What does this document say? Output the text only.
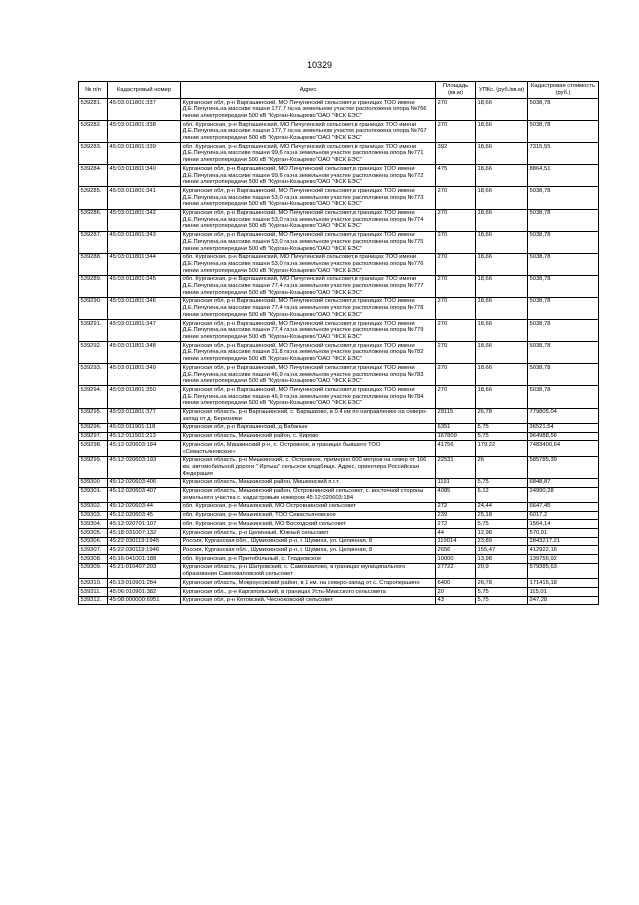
10329
№ п/п	Кадастровый номер	Адрес	Площадь (кв.м)	УПКс. (руб./кв.м)	Кадастровая стоимость (руб.)
539281.	45:03:011801:337	Курганская обл, р-н Варгашинский, МО Пичугинский сельсовет,в границах ТОО имени Д.Е.Пичугина,на массиве пашни 177,7 га;на земельном участке расположена опора №766 линии электропередачи 500 кВ "Курган-Козырево"ОАО "ФСК ЕЭС"	270	18,66	5038,78
539282.	45:03:011801:338	обл. Курганская, р-н Варгашинский, МО Пичугинский сельсовет,в границах ТОО имени Д.Е.Пичугина,на массиве пашни 177,7 га;на земельном участке расположена опора №767 линии электропередачи 500 кВ "Курган-Козырево"ОАО "ФСК ЕЭС"	270	18,66	5038,78
539283.	45:03:011801:339	обл. Курганская, р-н Варгашинский, МО Пичугинский сельсовет,в границах ТОО имени Д.Е.Пичугина,на массиве пашни 99,6 га;на земельном участке расположена опора №771 линии электропередачи 500 кВ "Курган-Козырево"ОАО "ФСК ЕЭС"	392	18,66	7315,55
539284.	45:03:011801:340	Курганская обл, р-н Варгашинский, МО Пичугинский сельсовет,в границах ТОО имени Д.Е.Пичугина,на массиве пашни 99,6 га;на земельном участке расположена опора №772 линии электропередачи 500 кВ "Курган-Козырево"ОАО "ФСК ЕЭС"	475	18,66	8864,51
539285.	45:03:011801:341	Курганская обл, р-н Варгашинский, МО Пичугинский сельсовет,в границах ТОО имени Д.Е.Пичугина,на массиве пашни 53,0 га;на земельном участке расположена опора №773 линии электропередачи 500 кВ "Курган-Козырево"ОАО "ФСК ЕЭС"	270	18,66	5038,78
539286.	45:03:011801:342	Курганская обл, р-н Варгашинский, МО Пичугинский сельсовет,в границах ТОО имени Д.Е.Пичугина,на массиве пашни 53,0 га;на земельном участке расположена опора №774 линии электропередачи 500 кВ "Курган-Козырево"ОАО "ФСК ЕЭС"	270	18,66	5038,78
539287.	45:03:011801:343	Курганская обл, р-н Варгашинский, МО Пичугинский сельсовет,в границах ТОО имени Д.Е.Пичугина,на массиве пашни 53,0 га;на земельном участке расположена опора №775 линии электропередачи 500 кВ "Курган-Козырево"ОАО "ФСК ЕЭС"	270	18,66	5038,78
539288.	45:03:011801:344	обл. Курганская, р-н Варгашинский, МО Пичугинский сельсовет,в границах ТОО имени Д.Е.Пичугина,на массиве пашни 53,0 га;на земельном участке расположена опора №776 линии электропередачи 500 кВ "Курган-Козырево"ОАО "ФСК ЕЭС"	270	18,66	5038,78
539289.	45:03:011801:345	обл. Курганская, р-н Варгашинский, МО Пичугинский сельсовет,в границах ТОО имени Д.Е.Пичугина,на массиве пашни 77,4 га;на земельном участке расположена опора №777 линии электропередачи 500 кВ "Курган-Козырево"ОАО "ФСК ЕЭС"	270	18,66	5038,78
539290.	45:03:011801:346	Курганская обл, р-н Варгашинский, МО Пичугинский сельсовет,в границах ТОО имени Д.Е.Пичугина,на массиве пашни 77,4 га;на земельном участке расположена опора №778 линии электропередачи 500 кВ "Курган-Козырево"ОАО "ФСК ЕЭС"	270	18,66	5038,78
539291.	45:03:011801:347	Курганская обл, р-н Варгашинский, МО Пичугинский сельсовет,в границах ТОО имени Д.Е.Пичугина,на массиве пашни 77,4 га;на земельном участке расположена опора №779 линии электропередачи 500 кВ "Курган-Козырево"ОАО "ФСК ЕЭС"	270	18,66	5038,78
539292.	45:03:011801:348	Курганская обл, р-н Варгашинский, МО Пичугинский сельсовет,в границах ТОО имени Д.Е.Пичугина,на массиве пашни 31,8 га;на земельном участке расположена опора №782 линии электропередачи 500 кВ "Курган-Козырево"ОАО "ФСК ЕЭС"	270	18,66	5038,78
539293.	45:03:011801:349	Курганская обл, р-н Варгашинский, МО Пичугинский сельсовет,в границах ТОО имени Д.Е.Пичугина,на массиве пашни 46,9 га;на земельном участке расположена опора №783 линии электропередачи 500 кВ "Курган-Козырево"ОАО "ФСК ЕЭС"	270	18,66	5038,78
539294.	45:03:011801:350	Курганская обл, р-н Варгашинский, МО Пичугинский сельсовет,в границах ТОО имени Д.Е.Пичугина,на массиве пашни 46,9 га;на земельном участке расположена опора №784 линии электропередачи 500 кВ "Курган-Козырево"ОАО "ФСК ЕЭС"	270	18,66	5038,78
539295.	45:03:011801:377	Курганская область, р-н Варгашинский, с. Барашково, в 0.4 км по направлению на северо-запад от д. Березняки	29115	26,78	779805,04
539296.	45:03:011901:118	Курганская обл, р-н Варгашинский, д.Вабаные	6351	5,75	36521,54
539297.	45:12:011501:213	Курганская область, Мишкинский район, с. Кирово	167809	5,75	964988,56
539298.	45:12:020603:184	Курганская обл, Мишкинский р-н, с. Островное, в границах бывшего ТОО «Севастьяновское»	41756	179,22	7483400,64
539299.	45:12:020603:193	Курганская область, р-н Мишкинский, с. Островное, примерно 600 метров на север от 166 км. автомобильной дороги " Иртыш" сельское кладбище. Адрес, ориентира Российская Федерация	22531	26	585785,39
539300	45:12:020603:406	Курганская область, Мишкинский район, Мишкинский п.г.т.	1191	5,75	6848,87
539301.	45:12:020603:407	Курганская область, Мишкинский район, Островнинский сельсовет, с. восточной стороны земельного участка с. кадастровым номером 45:12:020603:184	4085	6,12	24990,28
539302.	45:12:020603:44	обл. Курганская, р-н Мишкинский, МО Островнинский сельсовет	272	24,44	6647,45
539303.	45:12:020603:45	обл. Курганская, р-н Мишкинский, ТОО Севастьяновское	239	25,18	6017,2
539304.	45:12:020701:107	обл. Курганская, р-н Мишкинский, МО Восходский сельсовет	272	5,75	1564,14
539305.	45:18:031007:132	Курганская область, р-н Целинный, Южный сельсовет	44	12,98	570,91
539306.	45:22:030119:1945	Россия, Курганская обл., Шумихинский р-н, г. Шумиха, ул. Целинная, 8	119014	23,89	2843217,21
539307.	45:22:030119:1946	Россия, Курганская обл., Шумихинский р-н, г. Шумиха, ул. Целинная, 8	2656	155,47	412922,16
539308.	45:16:041001:188	обл. Курганская, р-н Притобольный, с. Гладковское	10000	13,98	139756,92
539309.	45:21:010407:203	Курганская область, р-н Шатровский, с. Самохвалово, в границах муниципального образования Самохваловский сельсовет	27722	20,9	579385,63
539310.	45:13:010901:284	Курганская область, Мокроусовский район, в 1 км. на северо-запад от с. Старопершино	6400	26,78	171415,18
539311.	45:06:010901:382	Курганская обл., р-н Каргапольский, в границах Усть-Миасского сельсовета	20	5,75	115,01
539312.	45:08:000000:6951	Курганская обл, р-н Кетовский, Чесноковский сельсовет	43	5,75	247,28
